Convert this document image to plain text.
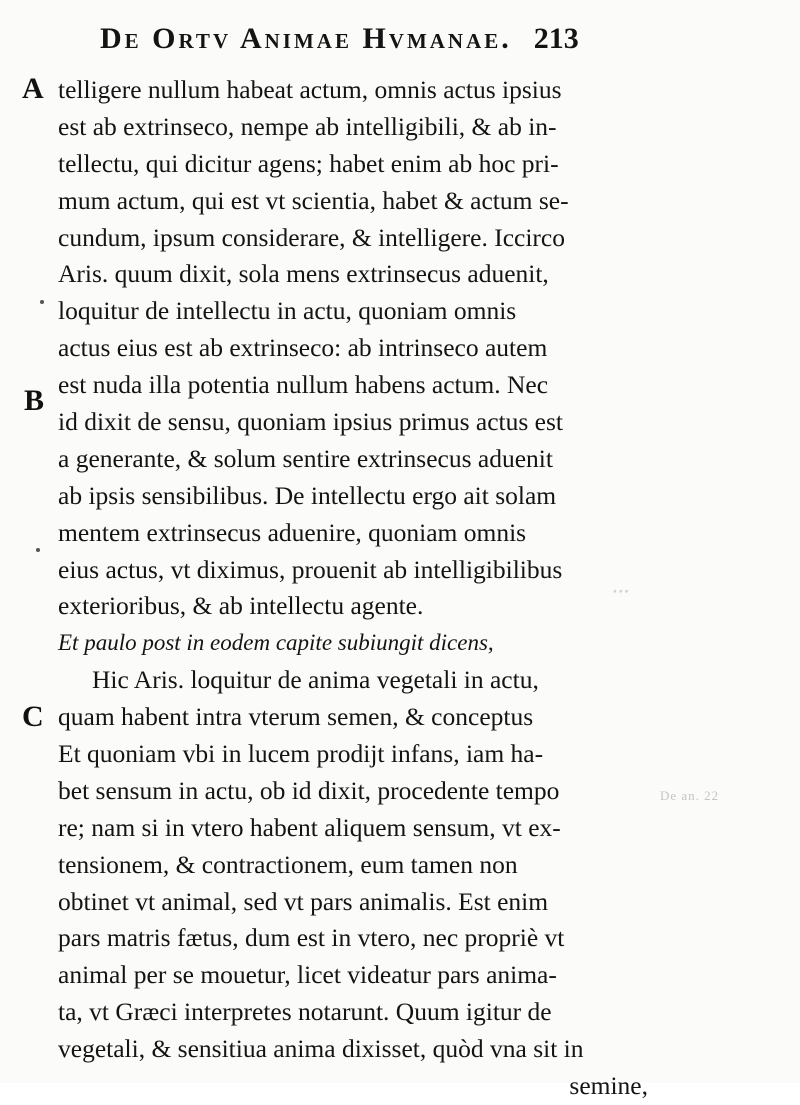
De Ortv Animae Hvmanae. 213
A
B
C
De an. 22
⸱⸱⸱
telligere nullum habeat actum, omnis actus ipsius
est ab extrinseco, nempe ab intelligibili, & ab in-
tellectu, qui dicitur agens; habet enim ab hoc pri-
mum actum, qui est vt scientia, habet & actum se-
cundum, ipsum considerare, & intelligere. Iccirco
Aris. quum dixit, sola mens extrinsecus aduenit,
loquitur de intellectu in actu, quoniam omnis
actus eius est ab extrinseco: ab intrinseco autem
est nuda illa potentia nullum habens actum. Nec
id dixit de sensu, quoniam ipsius primus actus est
a generante, & solum sentire extrinsecus aduenit
ab ipsis sensibilibus. De intellectu ergo ait solam
mentem extrinsecus aduenire, quoniam omnis
eius actus, vt diximus, prouenit ab intelligibilibus
exterioribus, & ab intellectu agente.
Et paulo post in eodem capite subiungit dicens,
Hic Aris. loquitur de anima vegetali in actu,
quam habent intra vterum semen, & conceptus
Et quoniam vbi in lucem prodijt infans, iam ha-
bet sensum in actu, ob id dixit, procedente tempo
re; nam si in vtero habent aliquem sensum, vt ex-
tensionem, & contractionem, eum tamen non
obtinet vt animal, sed vt pars animalis. Est enim
pars matris fætus, dum est in vtero, nec propriè vt
animal per se mouetur, licet videatur pars anima-
ta, vt Græci interpretes notarunt. Quum igitur de
vegetali, & sensitiua anima dixisset, quòd vna sit in
semine,
